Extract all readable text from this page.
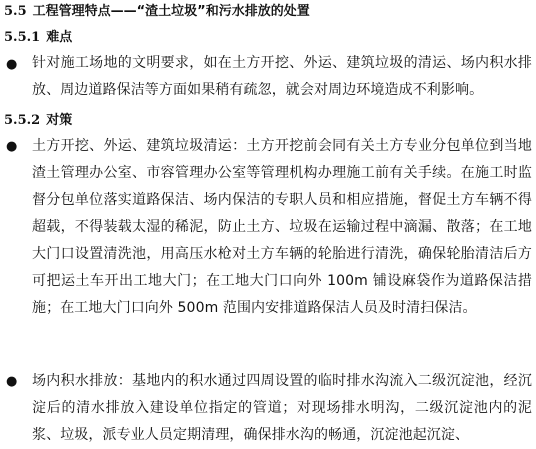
5.5 工程管理特点——“渣土垃圾”和污水排放的处置
5.5.1 难点
● 针对施工场地的文明要求，如在土方开挖、外运、建筑垃圾的清运、场内积水排放、周边道路保洁等方面如果稍有疏忽，就会对周边环境造成不利影响。
5.5.2 对策
● 土方开挖、外运、建筑垃圾清运：土方开挖前会同有关土方专业分包单位到当地渣土管理办公室、市容管理办公室等管理机构办理施工前有关手续。在施工时监督分包单位落实道路保洁、场内保洁的专职人员和相应措施，督促土方车辆不得超载，不得装载太湿的稀泥，防止土方、垃圾在运输过程中滴漏、散落；在工地大门口设置清洗池，用高压水枪对土方车辆的轮胎进行清洗，确保轮胎清洁后方可把运土车开出工地大门；在工地大门口向外 100m 铺设麻袋作为道路保洁措施；在工地大门口向外 500m 范围内安排道路保洁人员及时清扫保洁。
● 场内积水排放：基地内的积水通过四周设置的临时排水沟流入二级沉淀池，经沉淀后的清水排放入建设单位指定的管道；对现场排水明沟，二级沉淀池内的泥浆、垃圾，派专业人员定期清理，确保排水沟的畅通，沉淀池起沉淀、
